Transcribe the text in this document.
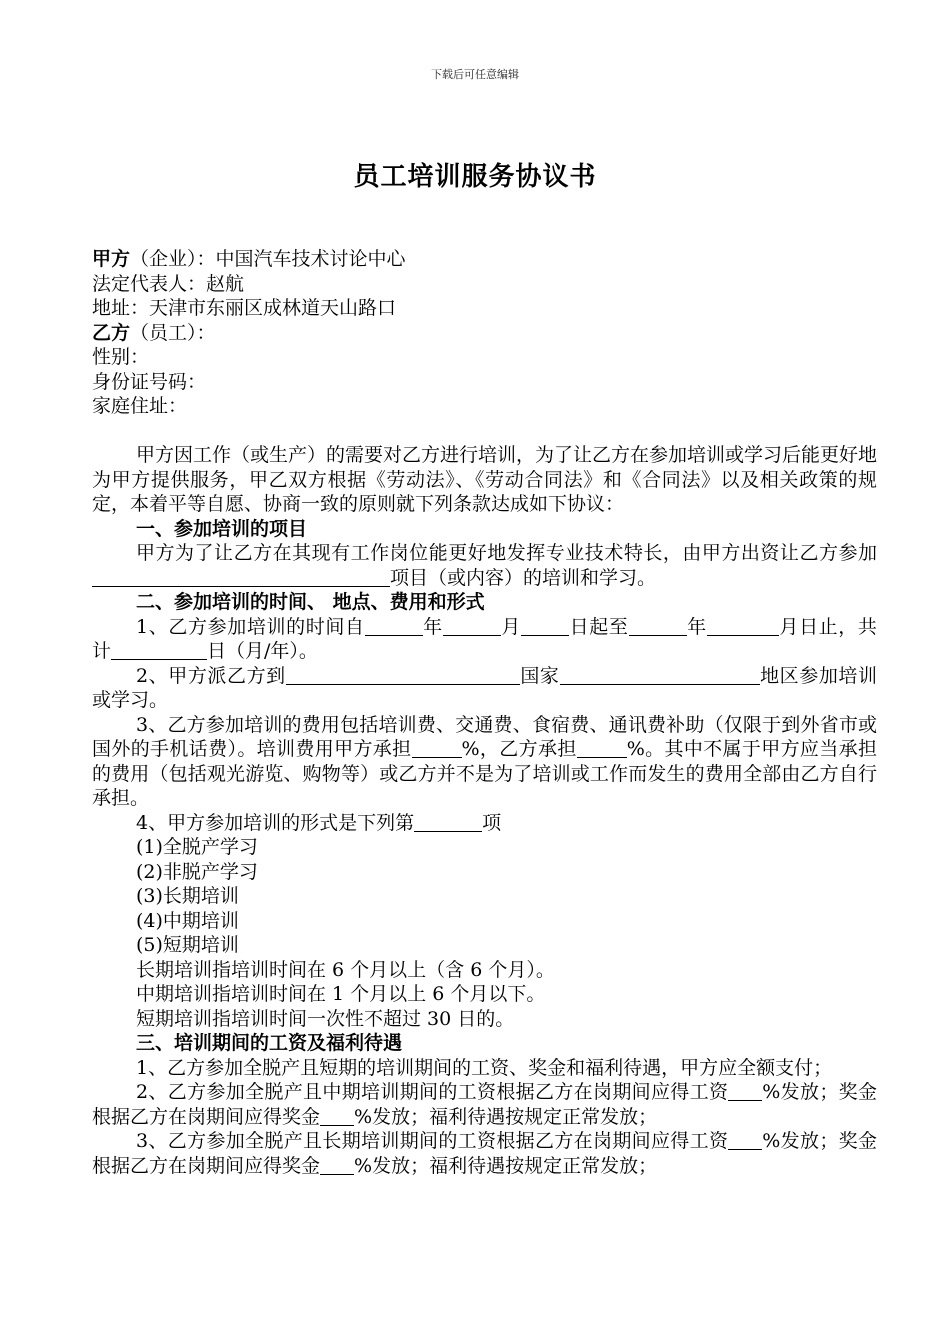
下载后可任意编辑
员工培训服务协议书
甲方（企业）：中国汽车技术讨论中心
法定代表人：赵航
地址：天津市东丽区成林道天山路口
乙方（员工）：
性别：
身份证号码：
家庭住址：
甲方因工作（或生产）的需要对乙方进行培训，为了让乙方在参加培训或学习后能更好地为甲方提供服务，甲乙双方根据《劳动法》、《劳动合同法》和《合同法》以及相关政策的规定，本着平等自愿、协商一致的原则就下列条款达成如下协议：
一、参加培训的项目
甲方为了让乙方在其现有工作岗位能更好地发挥专业技术特长，由甲方出资让乙方参加项目（或内容）的培训和学习。
二、参加培训的时间、 地点、费用和形式
1、乙方参加培训的时间自	年	月	日起至	年	月日止，共计	日（月/年）。
2、甲方派乙方到	国家	地区参加培训或学习。
3、乙方参加培训的费用包括培训费、交通费、食宿费、通讯费补助（仅限于到外省市或国外的手机话费）。培训费用甲方承担	%，乙方承担	%。其中不属于甲方应当承担的费用（包括观光游览、购物等）或乙方并不是为了培训或工作而发生的费用全部由乙方自行承担。
4、甲方参加培训的形式是下列第	项
(1)全脱产学习
(2)非脱产学习
(3)长期培训
(4)中期培训
(5)短期培训
长期培训指培训时间在 6 个月以上（含 6 个月）。
中期培训指培训时间在 1 个月以上 6 个月以下。
短期培训指培训时间一次性不超过 30 日的。
三、培训期间的工资及福利待遇
1、乙方参加全脱产且短期的培训期间的工资、奖金和福利待遇，甲方应全额支付；
2、乙方参加全脱产且中期培训期间的工资根据乙方在岗期间应得工资 %发放；奖金根据乙方在岗期间应得奖金 %发放；福利待遇按规定正常发放；
3、乙方参加全脱产且长期培训期间的工资根据乙方在岗期间应得工资 %发放；奖金根据乙方在岗期间应得奖金 %发放；福利待遇按规定正常发放；
